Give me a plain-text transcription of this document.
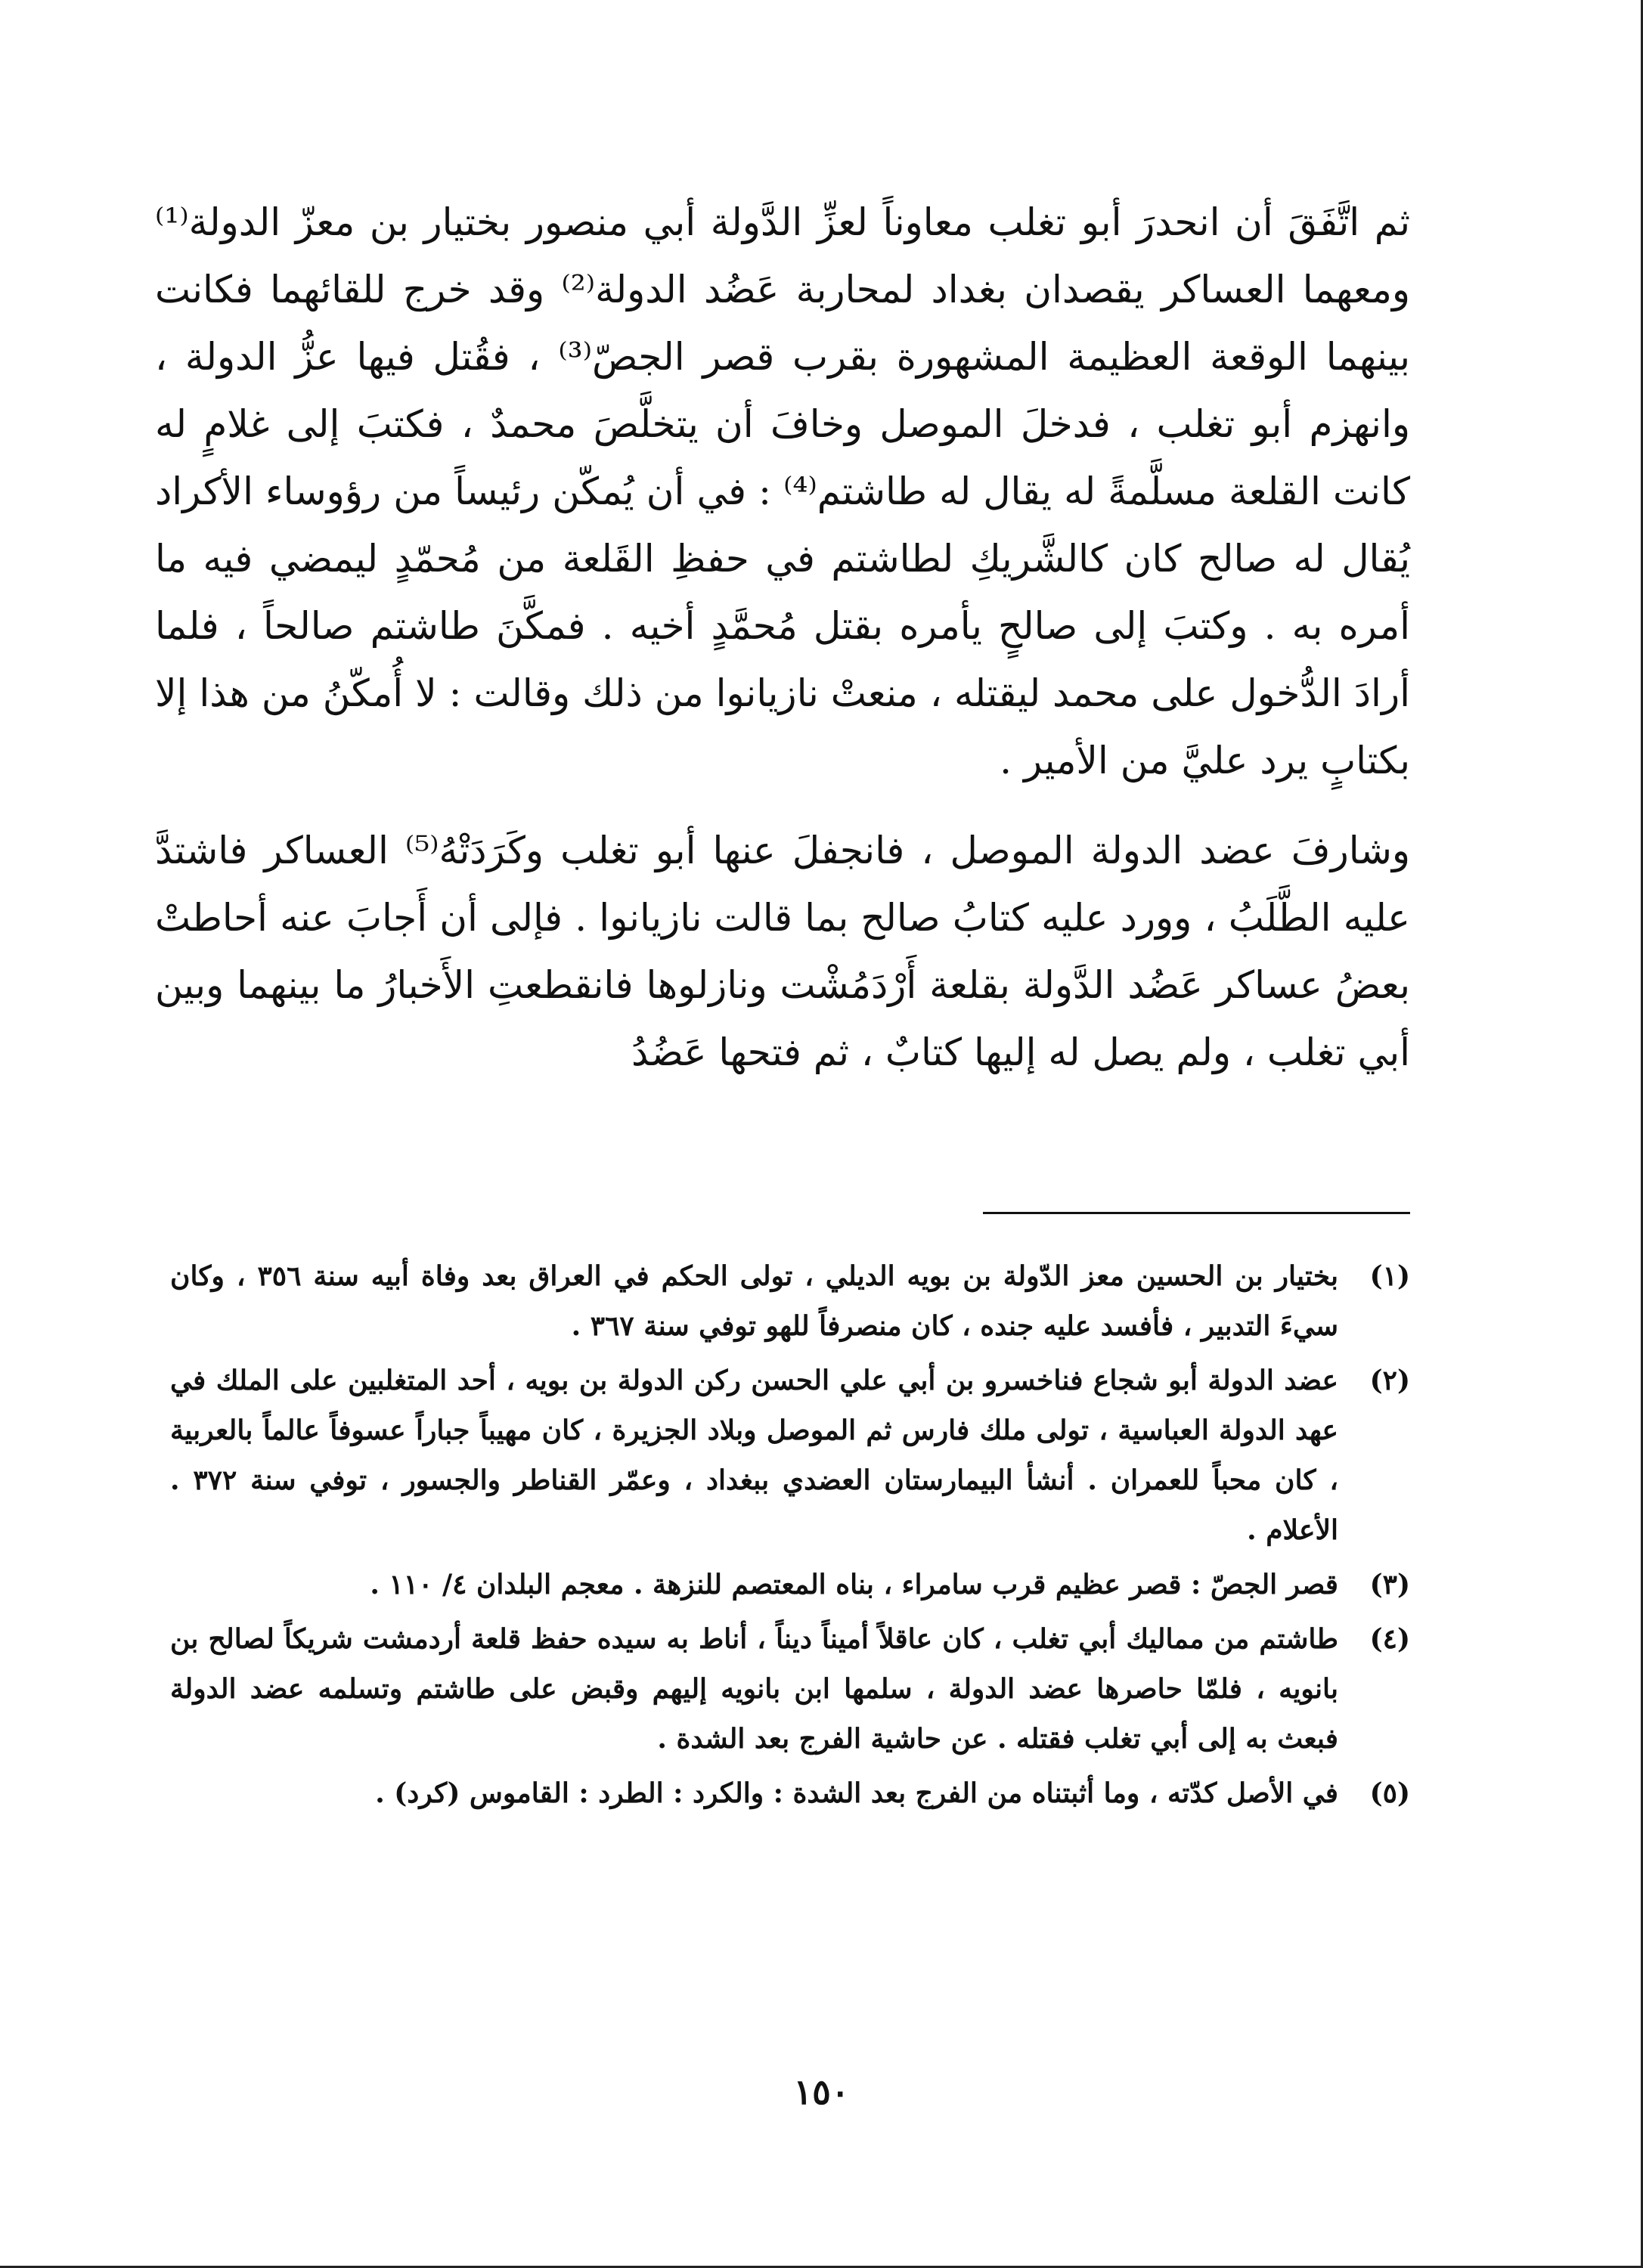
ثم اتَّفَقَ أن انحدرَ أبو تغلب معاوناً لعزِّ الدَّولة أبي منصور بختيار بن معزّ الدولة⁽¹⁾ ومعهما العساكر يقصدان بغداد لمحاربة عَضُد الدولة⁽²⁾ وقد خرج للقائهما فكانت بينهما الوقعة العظيمة المشهورة بقرب قصر الجصّ⁽³⁾ ، فقُتل فيها عزُّ الدولة ، وانهزم أبو تغلب ، فدخلَ الموصل وخافَ أن يتخلَّصَ محمدٌ ، فكتبَ إلى غلامٍ له كانت القلعة مسلَّمةً له يقال له طاشتم⁽⁴⁾ : في أن يُمكّن رئيساً من رؤوساء الأكراد يُقال له صالح كان كالشَّريكِ لطاشتم في حفظِ القَلعة من مُحمّدٍ ليمضي فيه ما أمره به . وكتبَ إلى صالحٍ يأمره بقتل مُحمَّدٍ أخيه . فمكَّنَ طاشتم صالحاً ، فلما أرادَ الدُّخول على محمد ليقتله ، منعتْ نازيانوا من ذلك وقالت : لا أُمكّنُ من هذا إلا بكتابٍ يرد عليَّ من الأمير .

وشارفَ عضد الدولة الموصل ، فانجفلَ عنها أبو تغلب وكَرَدَتْهُ⁽⁵⁾ العساكر فاشتدَّ عليه الطَّلَبُ ، وورد عليه كتابُ صالح بما قالت نازيانوا . فإلى أن أَجابَ عنه أحاطتْ بعضُ عساكر عَضُد الدَّولة بقلعة أَرْدَمُشْت ونازلوها فانقطعتِ الأَخبارُ ما بينهما وبين أبي تغلب ، ولم يصل له إليها كتابٌ ، ثم فتحها عَضُدُ

(١)
بختيار بن الحسين معز الدّولة بن بويه الديلي ، تولى الحكم في العراق بعد وفاة أبيه سنة ٣٥٦ ، وكان سيءَ التدبير ، فأفسد عليه جنده ، كان منصرفاً للهو توفي سنة ٣٦٧ .
(٢)
عضد الدولة أبو شجاع فناخسرو بن أبي علي الحسن ركن الدولة بن بويه ، أحد المتغلبين على الملك في عهد الدولة العباسية ، تولى ملك فارس ثم الموصل وبلاد الجزيرة ، كان مهيباً جباراً عسوفاً عالماً بالعربية ، كان محباً للعمران . أنشأ البيمارستان العضدي ببغداد ، وعمّر القناطر والجسور ، توفي سنة ٣٧٢ . الأعلام .
(٣)
قصر الجصّ : قصر عظيم قرب سامراء ، بناه المعتصم للنزهة . معجم البلدان ٤/ ١١٠ .
(٤)
طاشتم من مماليك أبي تغلب ، كان عاقلاً أميناً ديناً ، أناط به سيده حفظ قلعة أردمشت شريكاً لصالح بن بانويه ، فلمّا حاصرها عضد الدولة ، سلمها ابن بانويه إليهم وقبض على طاشتم وتسلمه عضد الدولة فبعث به إلى أبي تغلب فقتله . عن حاشية الفرج بعد الشدة .
(٥)
في الأصل كدّته ، وما أثبتناه من الفرج بعد الشدة : والكرد : الطرد : القاموس (كرد) .
١٥٠
